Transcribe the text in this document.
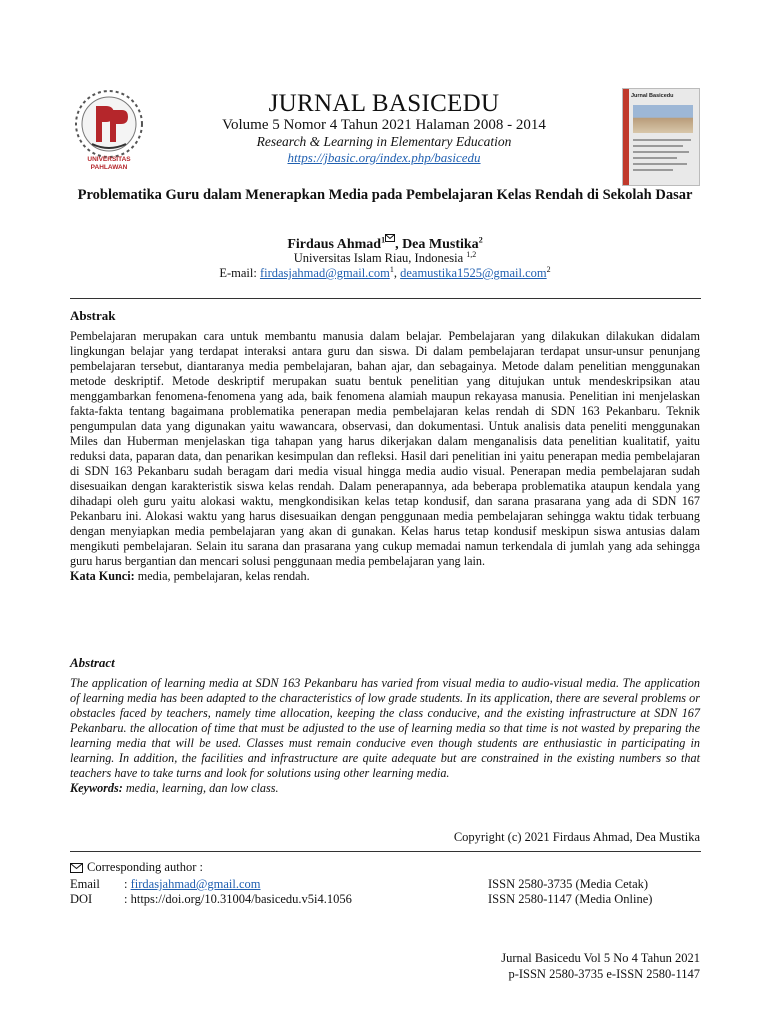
UNIVERSITAS PAHLAWAN
JURNAL BASICEDU
Volume 5 Nomor 4 Tahun 2021 Halaman 2008 - 2014
Research & Learning in Elementary Education
https://jbasic.org/index.php/basicedu
Jurnal Basicedu
Problematika Guru dalam Menerapkan Media pada Pembelajaran Kelas Rendah di Sekolah Dasar
Firdaus Ahmad$^1$ , Dea Mustika$^2$
Universitas Islam Riau, Indonesia $^{1,2}$
E-mail: firdasjahmad@gmail.com$^1$, deamustika1525@gmail.com$^2$
Abstrak
Pembelajaran merupakan cara untuk membantu manusia dalam belajar. Pembelajaran yang dilakukan dilakukan didalam lingkungan belajar yang terdapat interaksi antara guru dan siswa. Di dalam pembelajaran terdapat unsur-unsur penunjang pembelajaran tersebut, diantaranya media pembelajaran, bahan ajar, dan sebagainya. Metode dalam penelitian menggunakan metode deskriptif. Metode deskriptif merupakan suatu bentuk penelitian yang ditujukan untuk mendeskripsikan atau menggambarkan fenomena-fenomena yang ada, baik fenomena alamiah maupun rekayasa manusia. Penelitian ini menjelaskan fakta-fakta tentang bagaimana problematika penerapan media pembelajaran kelas rendah di SDN 163 Pekanbaru. Teknik pengumpulan data yang digunakan yaitu wawancara, observasi, dan dokumentasi. Untuk analisis data peneliti menggunakan Miles dan Huberman menjelaskan tiga tahapan yang harus dikerjakan dalam menganalisis data penelitian kualitatif, yaitu reduksi data, paparan data, dan penarikan kesimpulan dan refleksi. Hasil dari penelitian ini yaitu penerapan media pembelajaran di SDN 163 Pekanbaru sudah beragam dari media visual hingga media audio visual. Penerapan media pembelajaran sudah disesuaikan dengan karakteristik siswa kelas rendah. Dalam penerapannya, ada beberapa problematika ataupun kendala yang dihadapi oleh guru yaitu alokasi waktu, mengkondisikan kelas tetap kondusif, dan sarana prasarana yang ada di SDN 167 Pekanbaru ini. Alokasi waktu yang harus disesuaikan dengan penggunaan media pembelajaran sehingga waktu tidak terbuang dengan menyiapkan media pembelajaran yang akan di gunakan. Kelas harus tetap kondusif meskipun siswa antusias dalam mengikuti pembelajaran. Selain itu sarana dan prasarana yang cukup memadai namun terkendala di jumlah yang ada sehingga guru harus bergantian dan mencari solusi penggunaan media pembelajaran yang lain.
Kata Kunci: media, pembelajaran, kelas rendah.
Abstract
The application of learning media at SDN 163 Pekanbaru has varied from visual media to audio-visual media. The application of learning media has been adapted to the characteristics of low grade students. In its application, there are several problems or obstacles faced by teachers, namely time allocation, keeping the class conducive, and the existing infrastructure at SDN 167 Pekanbaru. the allocation of time that must be adjusted to the use of learning media so that time is not wasted by preparing the learning media that will be used. Classes must remain conducive even though students are enthusiastic in participating in learning. In addition, the facilities and infrastructure are quite adequate but are constrained in the existing numbers so that teachers have to take turns and look for solutions using other learning media.
Keywords: media, learning, dan low class.
Copyright (c) 2021 Firdaus Ahmad, Dea Mustika
Corresponding author :
Email : firdasjahmad@gmail.com	ISSN 2580-3735 (Media Cetak)
DOI	: https://doi.org/10.31004/basicedu.v5i4.1056	ISSN 2580-1147 (Media Online)
Jurnal Basicedu Vol 5 No 4 Tahun 2021
p-ISSN 2580-3735 e-ISSN 2580-1147
